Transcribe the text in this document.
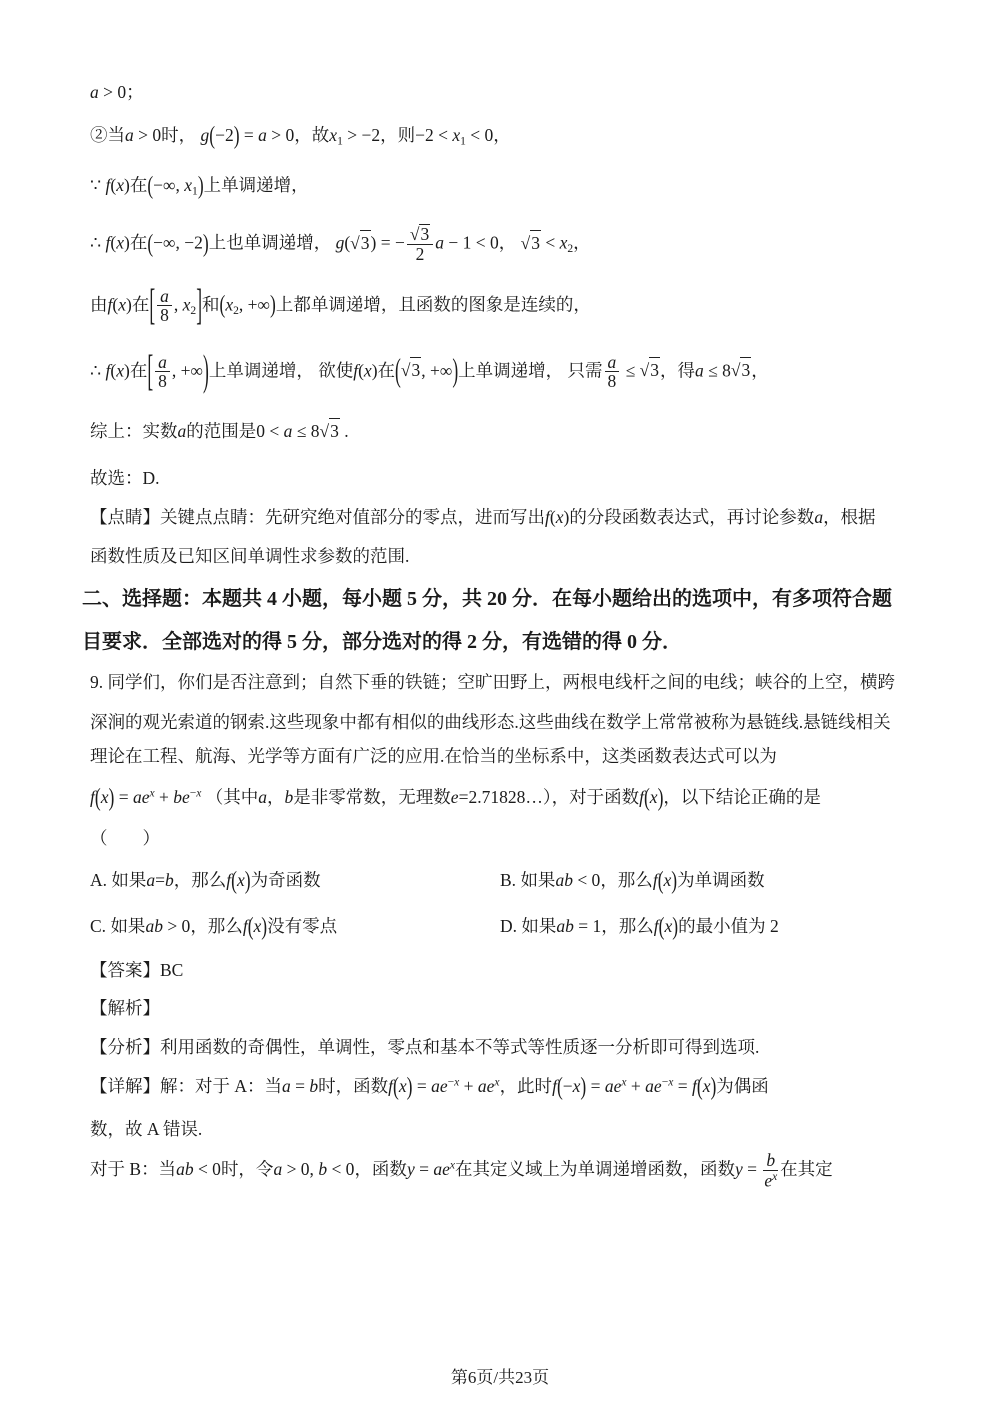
a > 0；
②当a > 0时， g(−2) = a > 0，故$x_1 > -2$，则$-2 < x_1 < 0$，
∵ f(x)在(−∞, $x_1$)上单调递增，
∴ f(x)在(−∞, −2)上也单调递增， g(√3) = − $\frac{√3}{2}$ a − 1 < 0， $√3 < x_2$，
由f(x)在[ $\frac{a}{8}$ , $x_2$]和($x_2$, +∞)上都单调递增，且函数的图象是连续的，
∴ f(x)在[ $\frac{a}{8}$ , +∞)上单调递增， 欲使f(x)在(√3, +∞)上单调递增， 只需 $\frac{a}{8} \le √3$，得a ≤ 8√3，
综上：实数a的范围是0 < a ≤ 8√3 .
故选：D.
【点睛】关键点点睛：先研究绝对值部分的零点，进而写出f(x)的分段函数表达式，再讨论参数a，根据
函数性质及已知区间单调性求参数的范围.
二、选择题：本题共 4 小题，每小题 5 分，共 20 分．在每小题给出的选项中，有多项符合题
目要求．全部选对的得 5 分，部分选对的得 2 分，有选错的得 0 分．
9. 同学们，你们是否注意到；自然下垂的铁链；空旷田野上，两根电线杆之间的电线；峡谷的上空，横跨
深涧的观光索道的钢索.这些现象中都有相似的曲线形态.这些曲线在数学上常常被称为悬链线.悬链线相关
理论在工程、航海、光学等方面有广泛的应用.在恰当的坐标系中，这类函数表达式可以为
$f(x) = ae^x + be^{-x}$ （其中a，b是非零常数，无理数e=2.71828…），对于函数f(x)，以下结论正确的是
（　　）
A. 如果a=b，那么f(x)为奇函数	B. 如果ab < 0，那么f(x)为单调函数
C. 如果ab > 0，那么f(x)没有零点	D. 如果ab = 1，那么f(x)的最小值为 2
【答案】BC
【解析】
【分析】利用函数的奇偶性，单调性，零点和基本不等式等性质逐一分析即可得到选项.
【详解】解：对于 A：当a = b时，函数$f(x) = ae^{-x} + ae^x$，此时$f(-x) = ae^x + ae^{-x} = f(x)$为偶函
数，故 A 错误.
对于 B：当ab < 0时，令a > 0, b < 0，函数$y = ae^x$在其定义域上为单调递增函数，函数$y = \frac{b}{e^x}$ 在其定
第6页/共23页
